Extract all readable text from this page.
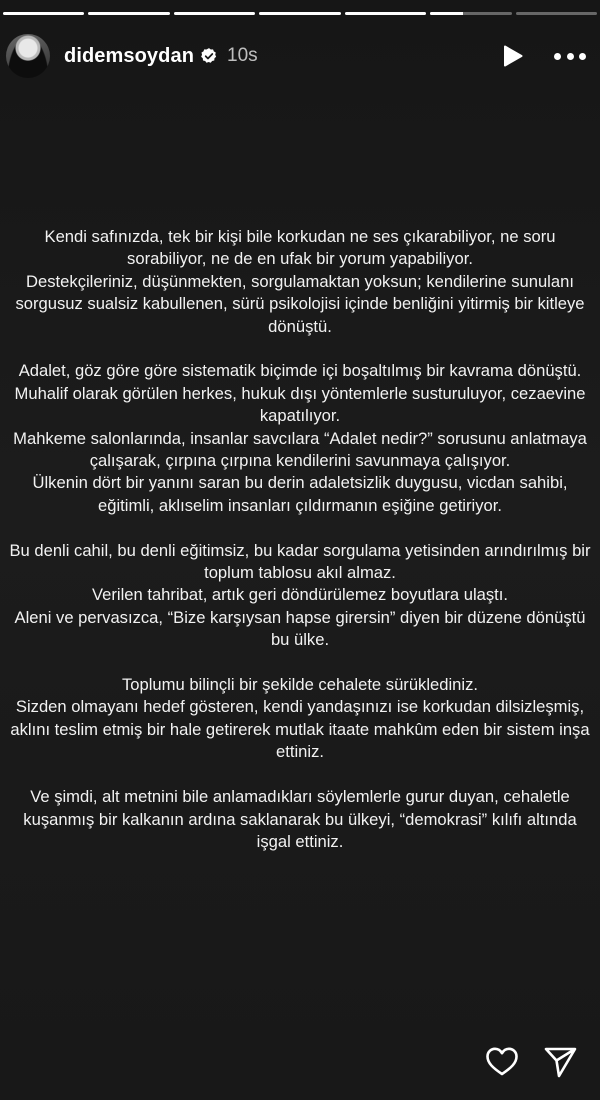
didemsoydan 10s

Kendi safınızda, tek bir kişi bile korkudan ne ses çıkarabiliyor, ne soru sorabiliyor, ne de en ufak bir yorum yapabiliyor.
Destekçileriniz, düşünmekten, sorgulamaktan yoksun; kendilerine sunulanı sorgusuz sualsiz kabullenen, sürü psikolojisi içinde benliğini yitirmiş bir kitleye dönüştü.

Adalet, göz göre göre sistematik biçimde içi boşaltılmış bir kavrama dönüştü.
Muhalif olarak görülen herkes, hukuk dışı yöntemlerle susturuluyor, cezaevine kapatılıyor.
Mahkeme salonlarında, insanlar savcılara “Adalet nedir?” sorusunu anlatmaya çalışarak, çırpına çırpına kendilerini savunmaya çalışıyor.
Ülkenin dört bir yanını saran bu derin adaletsizlik duygusu, vicdan sahibi, eğitimli, aklıselim insanları çıldırmanın eşiğine getiriyor.

Bu denli cahil, bu denli eğitimsiz, bu kadar sorgulama yetisinden arındırılmış bir toplum tablosu akıl almaz.
Verilen tahribat, artık geri döndürülemez boyutlara ulaştı.
Aleni ve pervasızca, “Bize karşıysan hapse girersin” diyen bir düzene dönüştü bu ülke.

Toplumu bilinçli bir şekilde cehalete sürüklediniz.
Sizden olmayanı hedef gösteren, kendi yandaşınızı ise korkudan dilsizleşmiş, aklını teslim etmiş bir hale getirerek mutlak itaate mahkûm eden bir sistem inşa ettiniz.

Ve şimdi, alt metnini bile anlamadıkları söylemlerle gurur duyan, cehaletle kuşanmış bir kalkanın ardına saklanarak bu ülkeyi, “demokrasi” kılıfı altında işgal ettiniz.
